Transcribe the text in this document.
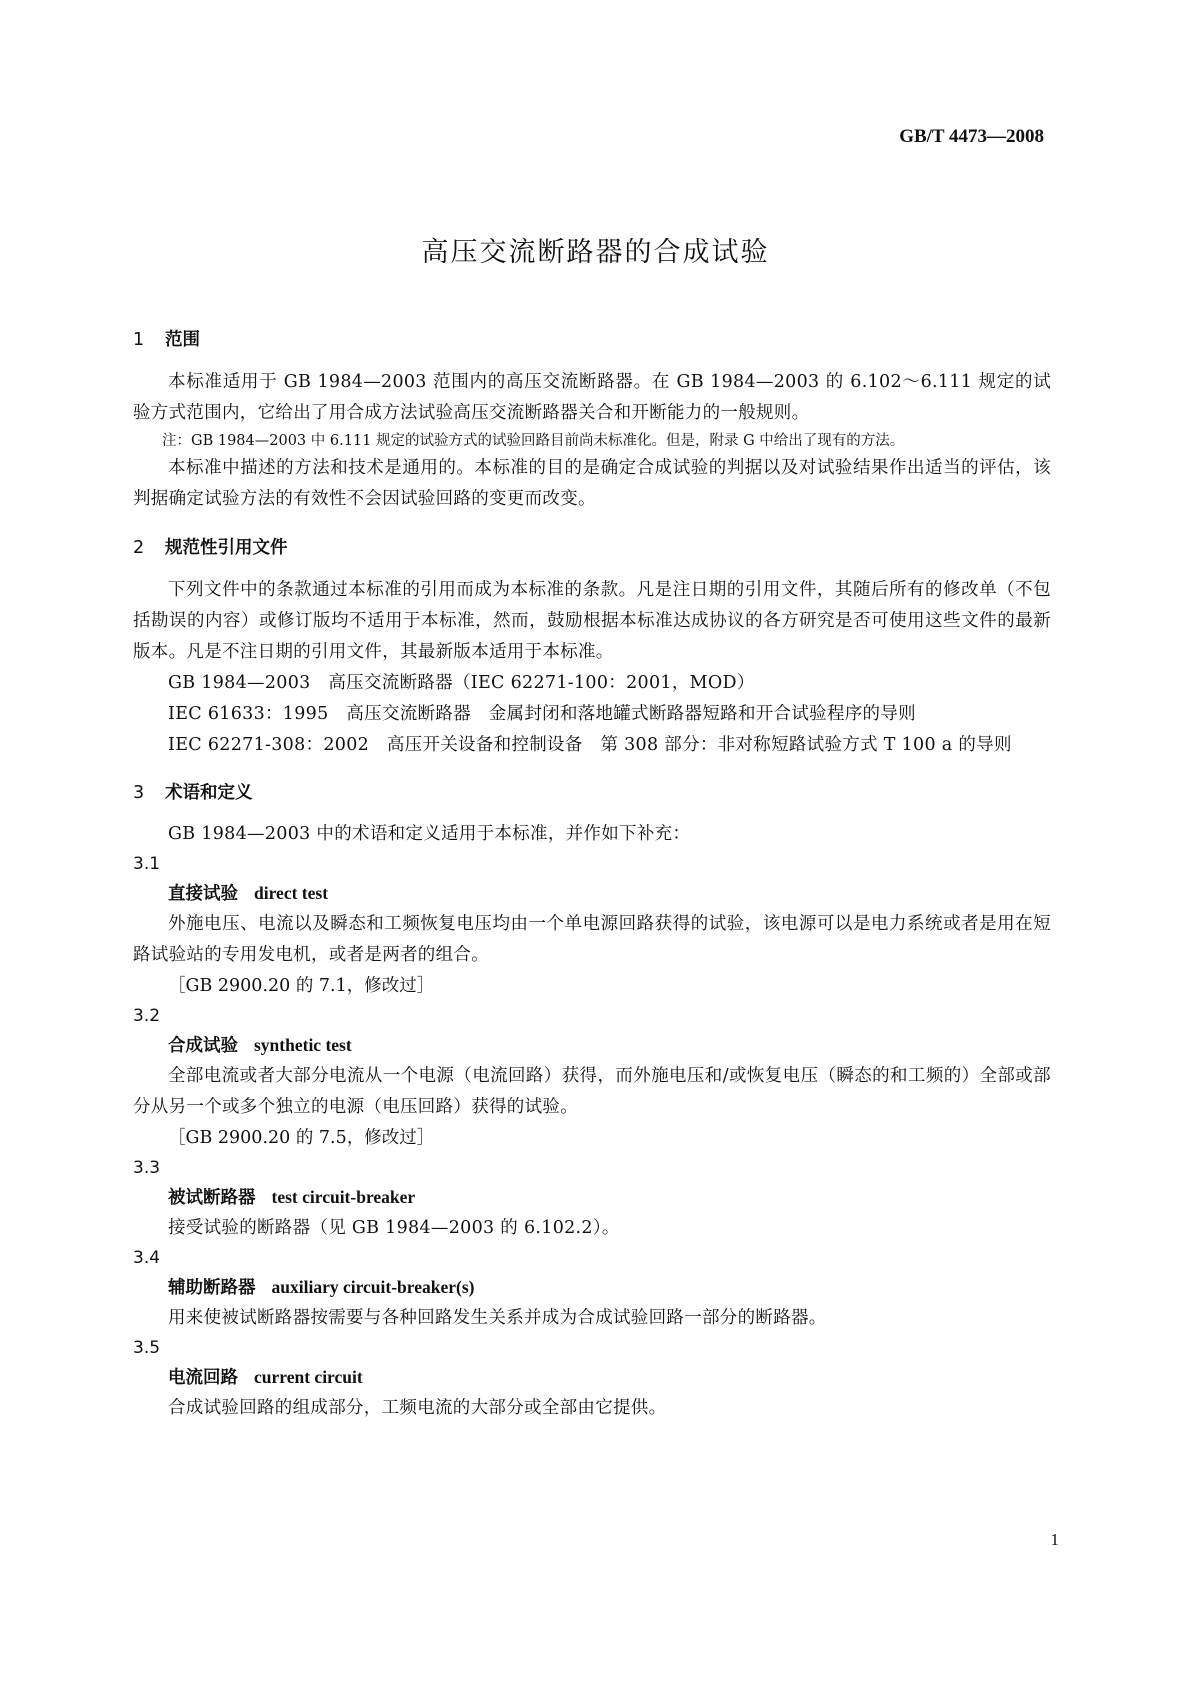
GB/T 4473—2008
高压交流断路器的合成试验
1 范围

本标准适用于 GB 1984—2003 范围内的高压交流断路器。在 GB 1984—2003 的 6.102～6.111 规定的试验方式范围内，它给出了用合成方法试验高压交流断路器关合和开断能力的一般规则。

注：GB 1984—2003 中 6.111 规定的试验方式的试验回路目前尚未标准化。但是，附录 G 中给出了现有的方法。

本标准中描述的方法和技术是通用的。本标准的目的是确定合成试验的判据以及对试验结果作出适当的评估，该判据确定试验方法的有效性不会因试验回路的变更而改变。

2 规范性引用文件

下列文件中的条款通过本标准的引用而成为本标准的条款。凡是注日期的引用文件，其随后所有的修改单（不包括勘误的内容）或修订版均不适用于本标准，然而，鼓励根据本标准达成协议的各方研究是否可使用这些文件的最新版本。凡是不注日期的引用文件，其最新版本适用于本标准。

GB 1984—2003　高压交流断路器（IEC 62271-100：2001，MOD）

IEC 61633：1995　高压交流断路器　金属封闭和落地罐式断路器短路和开合试验程序的导则

IEC 62271-308：2002　高压开关设备和控制设备　第 308 部分：非对称短路试验方式 T 100 a 的导则

3 术语和定义

GB 1984—2003 中的术语和定义适用于本标准，并作如下补充：

3.1

直接试验 direct test

外施电压、电流以及瞬态和工频恢复电压均由一个单电源回路获得的试验，该电源可以是电力系统或者是用在短路试验站的专用发电机，或者是两者的组合。

［GB 2900.20 的 7.1，修改过］

3.2

合成试验 synthetic test

全部电流或者大部分电流从一个电源（电流回路）获得，而外施电压和/或恢复电压（瞬态的和工频的）全部或部分从另一个或多个独立的电源（电压回路）获得的试验。

［GB 2900.20 的 7.5，修改过］

3.3

被试断路器 test circuit-breaker

接受试验的断路器（见 GB 1984—2003 的 6.102.2）。

3.4

辅助断路器 auxiliary circuit-breaker(s)

用来使被试断路器按需要与各种回路发生关系并成为合成试验回路一部分的断路器。

3.5

电流回路 current circuit

合成试验回路的组成部分，工频电流的大部分或全部由它提供。

1
